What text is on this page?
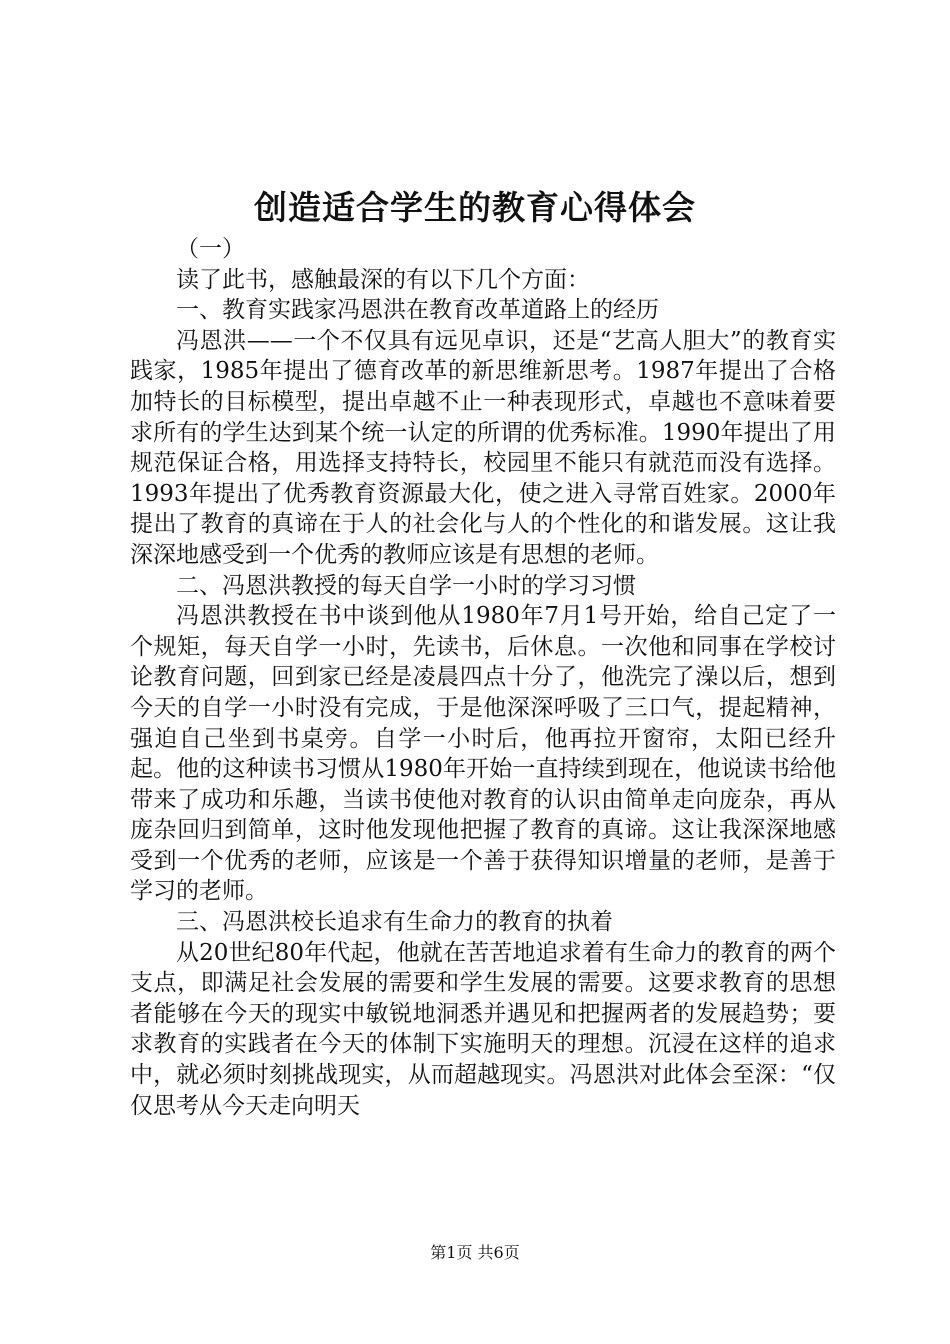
创造适合学生的教育心得体会

（一）

读了此书，感触最深的有以下几个方面：

一、教育实践家冯恩洪在教育改革道路上的经历

冯恩洪——一个不仅具有远见卓识，还是“艺高人胆大”的教育实践家，1985年提出了德育改革的新思维新思考。1987年提出了合格加特长的目标模型，提出卓越不止一种表现形式，卓越也不意味着要求所有的学生达到某个统一认定的所谓的优秀标准。1990年提出了用规范保证合格，用选择支持特长，校园里不能只有就范而没有选择。1993年提出了优秀教育资源最大化，使之进入寻常百姓家。2000年提出了教育的真谛在于人的社会化与人的个性化的和谐发展。这让我深深地感受到一个优秀的教师应该是有思想的老师。

二、冯恩洪教授的每天自学一小时的学习习惯

冯恩洪教授在书中谈到他从1980年7月1号开始，给自己定了一个规矩，每天自学一小时，先读书，后休息。一次他和同事在学校讨论教育问题，回到家已经是凌晨四点十分了，他洗完了澡以后，想到今天的自学一小时没有完成，于是他深深呼吸了三口气，提起精神，强迫自己坐到书桌旁。自学一小时后，他再拉开窗帘，太阳已经升起。他的这种读书习惯从1980年开始一直持续到现在，他说读书给他带来了成功和乐趣，当读书使他对教育的认识由简单走向庞杂，再从庞杂回归到简单，这时他发现他把握了教育的真谛。这让我深深地感受到一个优秀的老师，应该是一个善于获得知识增量的老师，是善于学习的老师。

三、冯恩洪校长追求有生命力的教育的执着

从20世纪80年代起，他就在苦苦地追求着有生命力的教育的两个支点，即满足社会发展的需要和学生发展的需要。这要求教育的思想者能够在今天的现实中敏锐地洞悉并遇见和把握两者的发展趋势；要求教育的实践者在今天的体制下实施明天的理想。沉浸在这样的追求中，就必须时刻挑战现实，从而超越现实。冯恩洪对此体会至深：“仅仅思考从今天走向明天

第1页 共6页
